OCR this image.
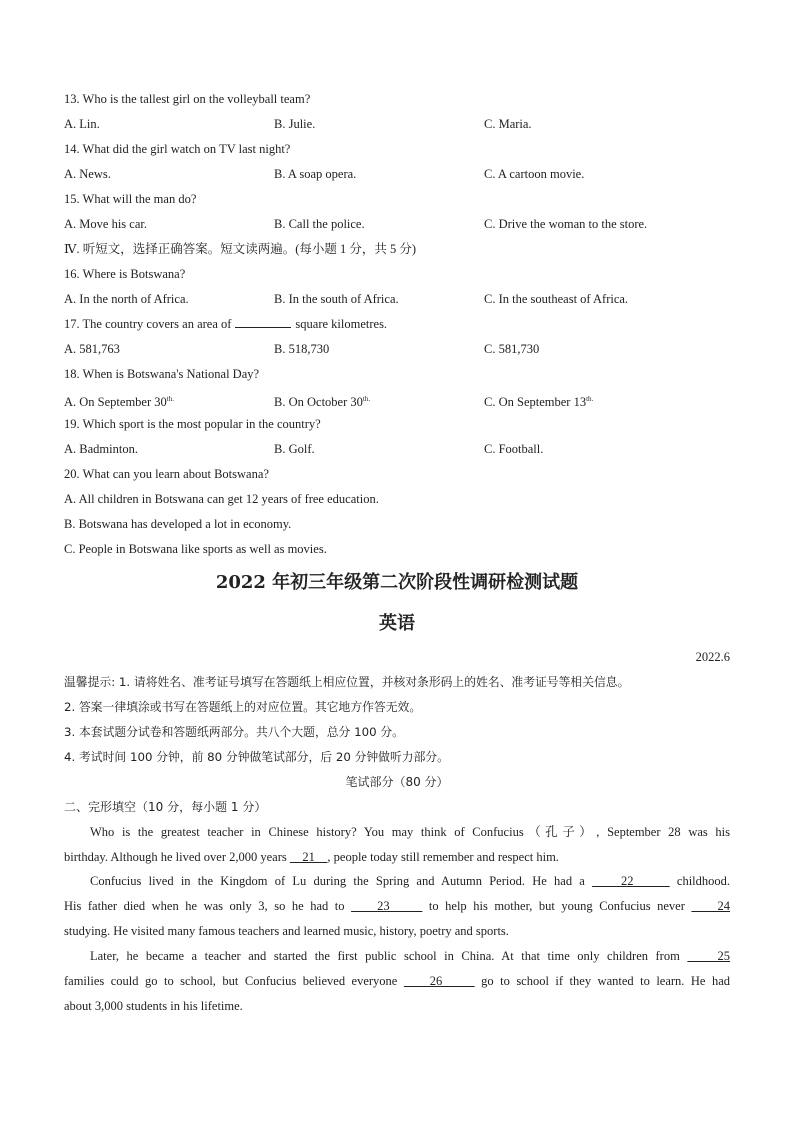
13. Who is the tallest girl on the volleyball team?
A. Lin.	B. Julie.	C. Maria.
14. What did the girl watch on TV last night?
A. News.	B. A soap opera.	C. A cartoon movie.
15. What will the man do?
A. Move his car.	B. Call the police.	C. Drive the woman to the store.
Ⅳ. 听短文，选择正确答案。短文读两遍。(每小题 1 分，共 5 分)
16. Where is Botswana?
A. In the north of Africa.	B. In the south of Africa.	C. In the southeast of Africa.
17. The country covers an area of	square kilometres.
A. 581,763	B. 518,730	C. 581,730
18. When is Botswana's National Day?
A. On September $30^{th.}$	B. On October $30^{th.}$	C. On September $13^{th.}$
19. Which sport is the most popular in the country?
A. Badminton.	B. Golf.	C. Football.
20. What can you learn about Botswana?
A. All children in Botswana can get 12 years of free education.
B. Botswana has developed a lot in economy.
C. People in Botswana like sports as well as movies.
2022 年初三年级第二次阶段性调研检测试题
英语
2022.6
温馨提示: 1. 请将姓名、准考证号填写在答题纸上相应位置，并核对条形码上的姓名、准考证号等相关信息。
2. 答案一律填涂或书写在答题纸上的对应位置。其它地方作答无效。
3. 本套试题分试卷和答题纸两部分。共八个大题，总分 100 分。
4. 考试时间 100 分钟，前 80 分钟做笔试部分，后 20 分钟做听力部分。
笔试部分（80 分）
二、完形填空（10 分，每小题 1 分）
Who is the greatest teacher in Chinese history? You may think of Confucius（孔子）, September 28 was his
birthday. Although he lived over 2,000 years     21    , people today still remember and respect him.
Confucius lived in the Kingdom of Lu during the Spring and Autumn Period. He had a     22      childhood.
His father died when he was only 3, so he had to     23      to help his mother, but young Confucius never     24
studying. He visited many famous teachers and learned music, history, poetry and sports.
Later, he became a teacher and started the first public school in China. At that time only children from     25
families could go to school, but Confucius believed everyone     26      go to school if they wanted to learn. He had
about 3,000 students in his lifetime.
